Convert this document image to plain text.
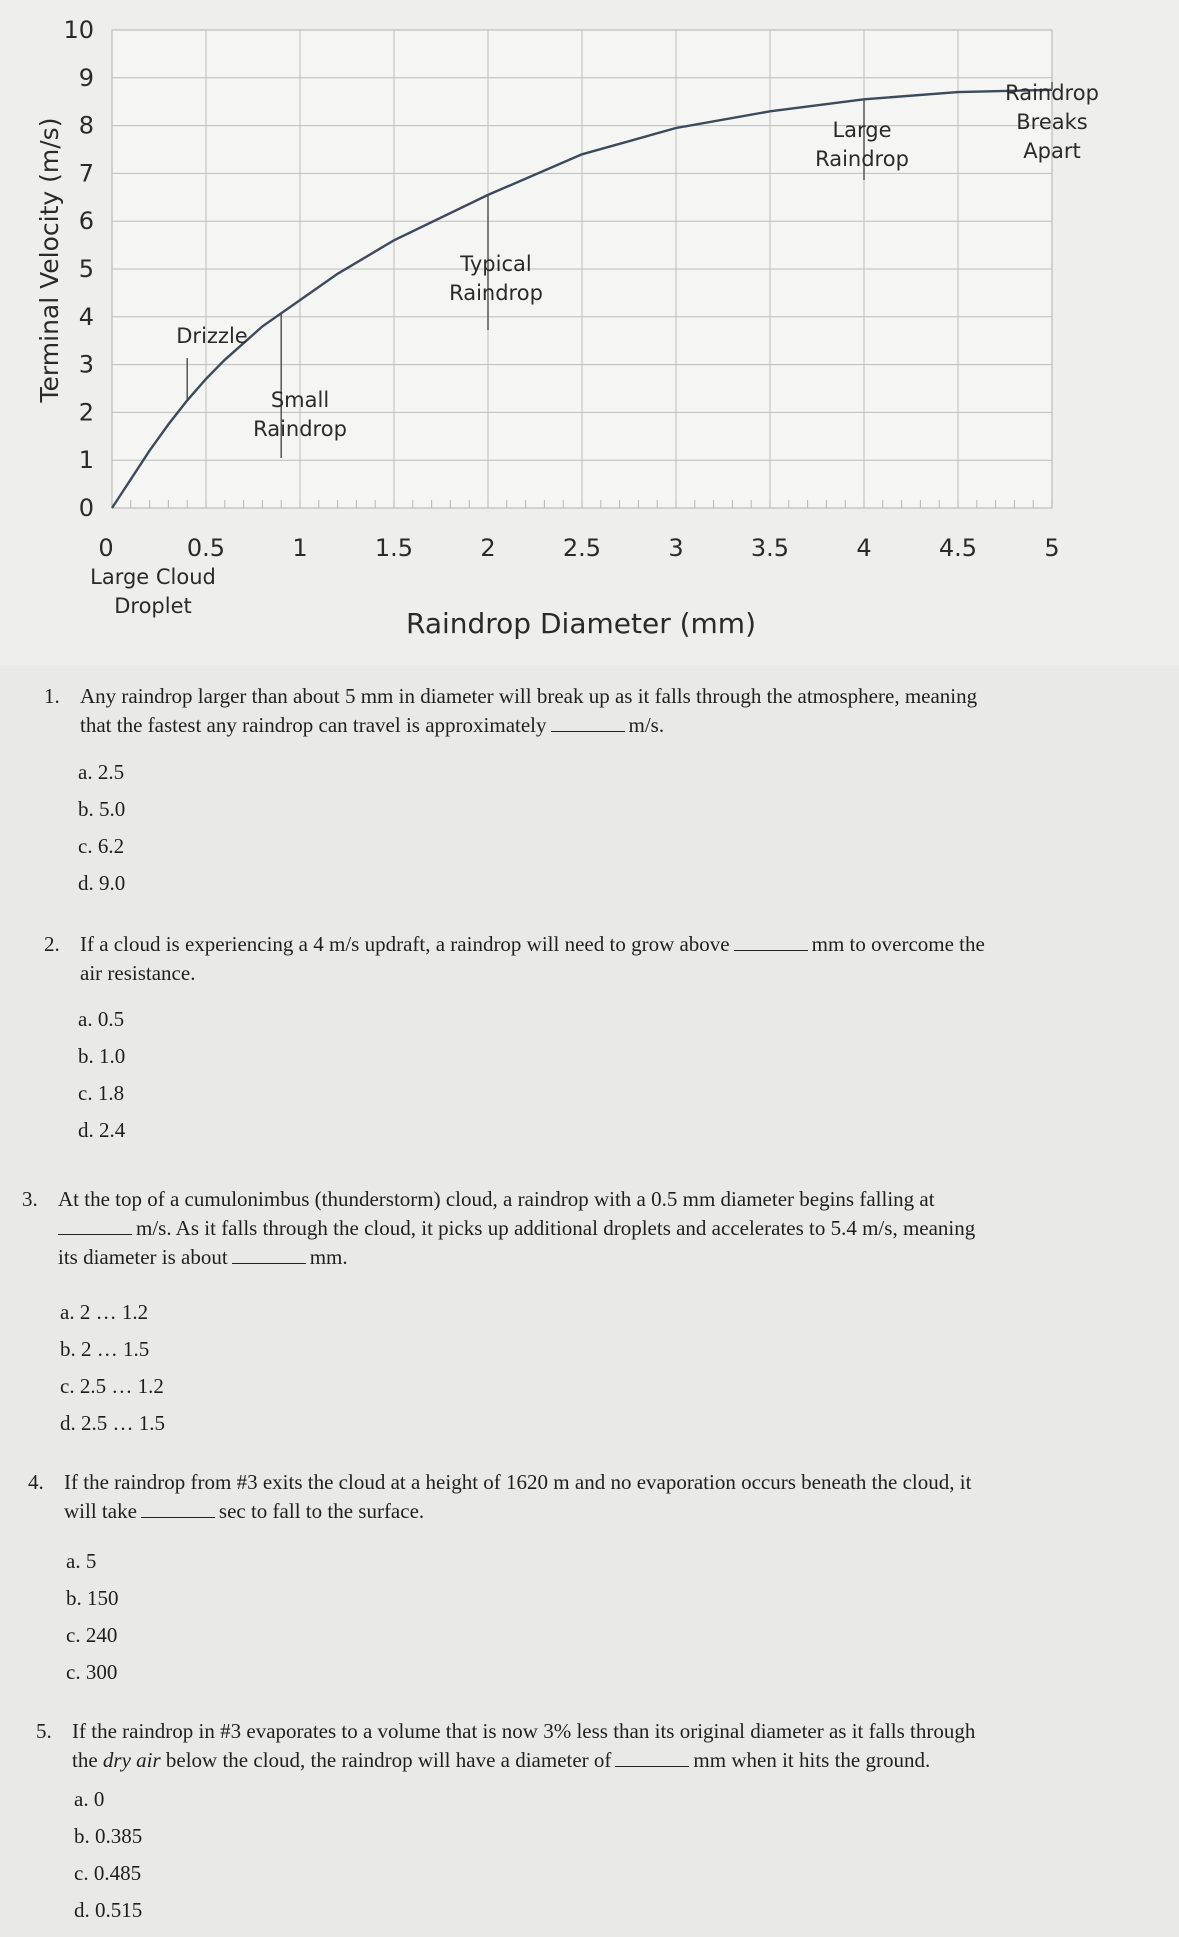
Large Cloud
Droplet
Drizzle
Small
Raindrop
Typical
Raindrop
Large
Raindrop
Raindrop
Breaks
Apart
0
1
2
3
4
5
6
7
8
9
10
0	0.5	1	1.5	2	2.5	3	3.5	4	4.5	5
Terminal Velocity (m/s)
Raindrop Diameter (mm)
1. Any raindrop larger than about 5 mm in diameter will break up as it falls through the atmosphere, meaning
that the fastest any raindrop can travel is approximately	m/s.
a. 2.5
b. 5.0
c. 6.2
d. 9.0
2. If a cloud is experiencing a 4 m/s updraft, a raindrop will need to grow above	mm to overcome the
air resistance.
a. 0.5
b. 1.0
c. 1.8
d. 2.4
3. At the top of a cumulonimbus (thunderstorm) cloud, a raindrop with a 0.5 mm diameter begins falling at
m/s. As it falls through the cloud, it picks up additional droplets and accelerates to 5.4 m/s, meaning
its diameter is about	mm.
a. 2 … 1.2
b. 2 … 1.5
c. 2.5 … 1.2
d. 2.5 … 1.5
4. If the raindrop from #3 exits the cloud at a height of 1620 m and no evaporation occurs beneath the cloud, it
will take	sec to fall to the surface.
a. 5
b. 150
c. 240
c. 300
5. If the raindrop in #3 evaporates to a volume that is now 3% less than its original diameter as it falls through
the dry air below the cloud, the raindrop will have a diameter of	mm when it hits the ground.
a. 0
b. 0.385
c. 0.485
d. 0.515
